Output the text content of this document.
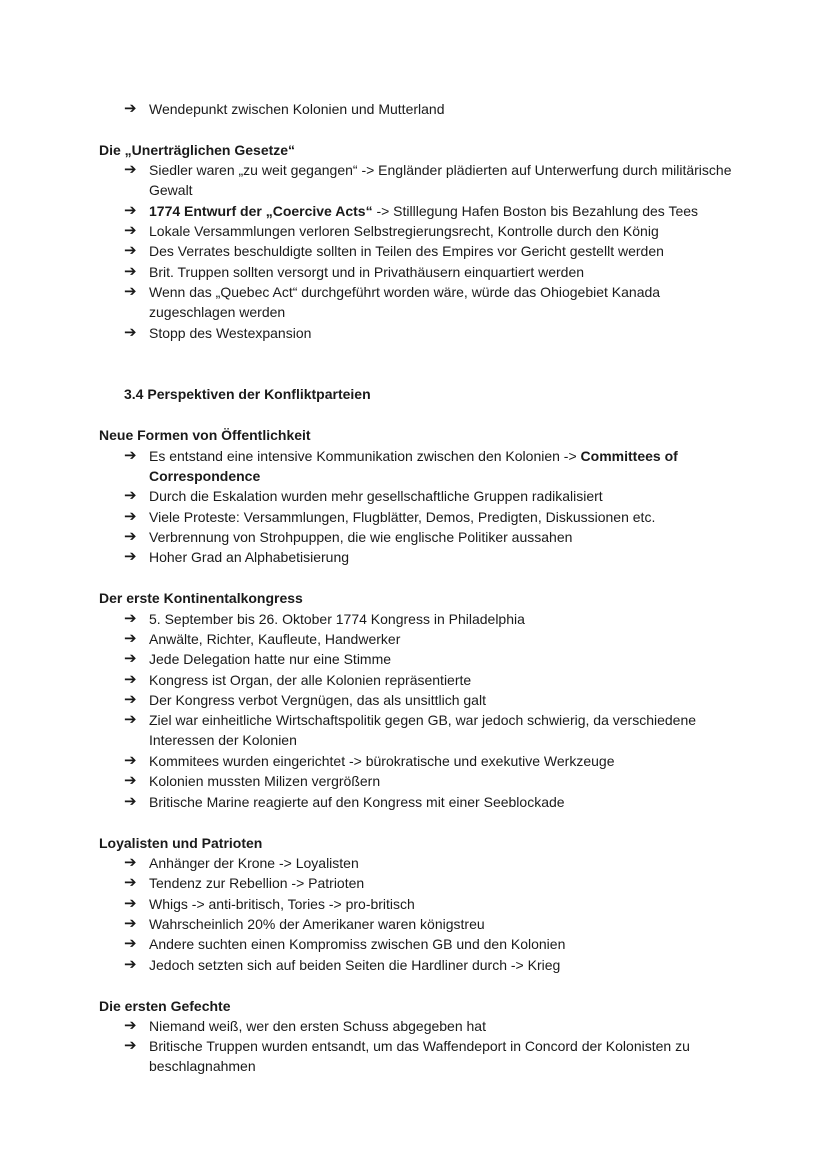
➔ Wendepunkt zwischen Kolonien und Mutterland
Die „Unerträglichen Gesetze“
➔ Siedler waren „zu weit gegangen“ -> Engländer plädierten auf Unterwerfung durch militärische Gewalt
➔ 1774 Entwurf der „Coercive Acts“ -> Stilllegung Hafen Boston bis Bezahlung des Tees
➔ Lokale Versammlungen verloren Selbstregierungsrecht, Kontrolle durch den König
➔ Des Verrates beschuldigte sollten in Teilen des Empires vor Gericht gestellt werden
➔ Brit. Truppen sollten versorgt und in Privathäusern einquartiert werden
➔ Wenn das „Quebec Act“ durchgeführt worden wäre, würde das Ohiogebiet Kanada zugeschlagen werden
➔ Stopp des Westexpansion
3.4 Perspektiven der Konfliktparteien
Neue Formen von Öffentlichkeit
➔ Es entstand eine intensive Kommunikation zwischen den Kolonien -> Committees of Correspondence
➔ Durch die Eskalation wurden mehr gesellschaftliche Gruppen radikalisiert
➔ Viele Proteste: Versammlungen, Flugblätter, Demos, Predigten, Diskussionen etc.
➔ Verbrennung von Strohpuppen, die wie englische Politiker aussahen
➔ Hoher Grad an Alphabetisierung
Der erste Kontinentalkongress
➔ 5. September bis 26. Oktober 1774 Kongress in Philadelphia
➔ Anwälte, Richter, Kaufleute, Handwerker
➔ Jede Delegation hatte nur eine Stimme
➔ Kongress ist Organ, der alle Kolonien repräsentierte
➔ Der Kongress verbot Vergnügen, das als unsittlich galt
➔ Ziel war einheitliche Wirtschaftspolitik gegen GB, war jedoch schwierig, da verschiedene Interessen der Kolonien
➔ Kommitees wurden eingerichtet -> bürokratische und exekutive Werkzeuge
➔ Kolonien mussten Milizen vergrößern
➔ Britische Marine reagierte auf den Kongress mit einer Seeblockade
Loyalisten und Patrioten
➔ Anhänger der Krone -> Loyalisten
➔ Tendenz zur Rebellion -> Patrioten
➔ Whigs -> anti-britisch, Tories -> pro-britisch
➔ Wahrscheinlich 20% der Amerikaner waren königstreu
➔ Andere suchten einen Kompromiss zwischen GB und den Kolonien
➔ Jedoch setzten sich auf beiden Seiten die Hardliner durch -> Krieg
Die ersten Gefechte
➔ Niemand weiß, wer den ersten Schuss abgegeben hat
➔ Britische Truppen wurden entsandt, um das Waffendeport in Concord der Kolonisten zu beschlagnahmen
